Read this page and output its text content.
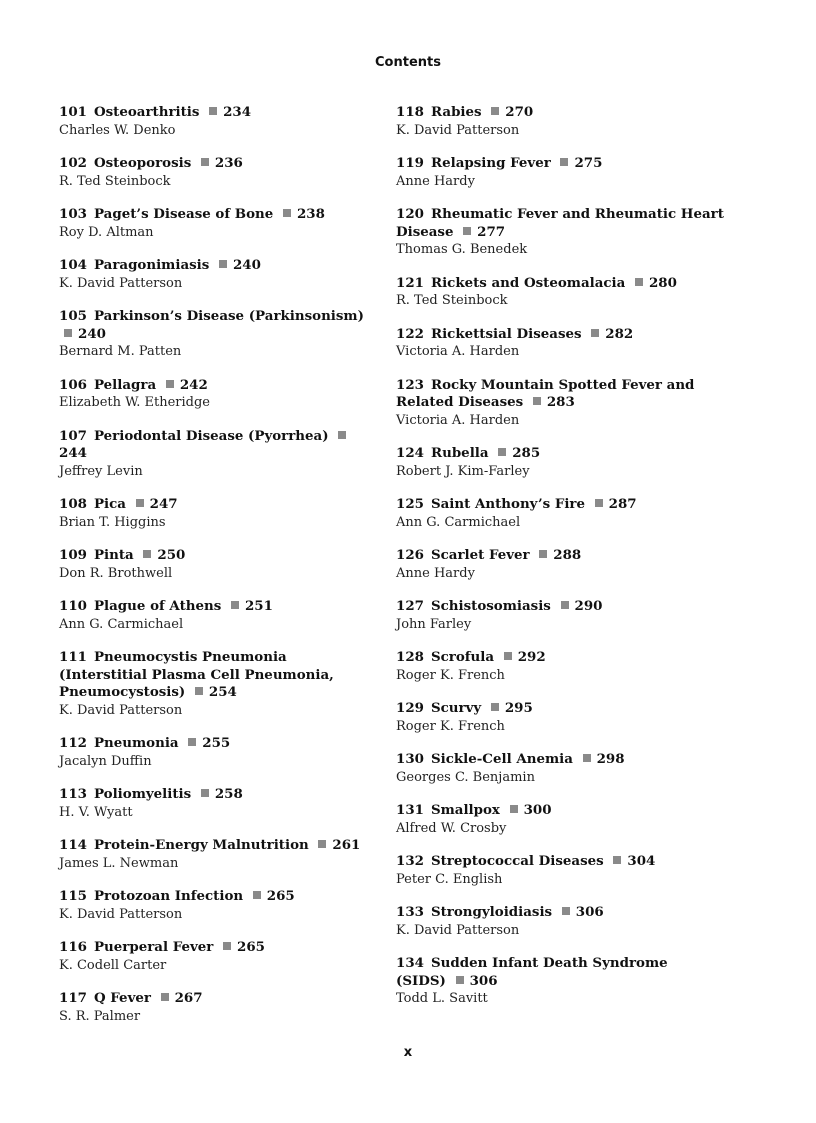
Contents
101 Osteoarthritis 234
Charles W. Denko
102 Osteoporosis 236
R. Ted Steinbock
103 Paget’s Disease of Bone 238
Roy D. Altman
104 Paragonimiasis 240
K. David Patterson
105 Parkinson’s Disease (Parkinsonism) 240
Bernard M. Patten
106 Pellagra 242
Elizabeth W. Etheridge
107 Periodontal Disease (Pyorrhea) 244
Jeffrey Levin
108 Pica 247
Brian T. Higgins
109 Pinta 250
Don R. Brothwell
110 Plague of Athens 251
Ann G. Carmichael
111 Pneumocystis Pneumonia (Interstitial Plasma Cell Pneumonia, Pneumocystosis) 254
K. David Patterson
112 Pneumonia 255
Jacalyn Duffin
113 Poliomyelitis 258
H. V. Wyatt
114 Protein-Energy Malnutrition 261
James L. Newman
115 Protozoan Infection 265
K. David Patterson
116 Puerperal Fever 265
K. Codell Carter
117 Q Fever 267
S. R. Palmer
118 Rabies 270
K. David Patterson
119 Relapsing Fever 275
Anne Hardy
120 Rheumatic Fever and Rheumatic Heart Disease 277
Thomas G. Benedek
121 Rickets and Osteomalacia 280
R. Ted Steinbock
122 Rickettsial Diseases 282
Victoria A. Harden
123 Rocky Mountain Spotted Fever and Related Diseases 283
Victoria A. Harden
124 Rubella 285
Robert J. Kim-Farley
125 Saint Anthony’s Fire 287
Ann G. Carmichael
126 Scarlet Fever 288
Anne Hardy
127 Schistosomiasis 290
John Farley
128 Scrofula 292
Roger K. French
129 Scurvy 295
Roger K. French
130 Sickle-Cell Anemia 298
Georges C. Benjamin
131 Smallpox 300
Alfred W. Crosby
132 Streptococcal Diseases 304
Peter C. English
133 Strongyloidiasis 306
K. David Patterson
134 Sudden Infant Death Syndrome (SIDS) 306
Todd L. Savitt
x
